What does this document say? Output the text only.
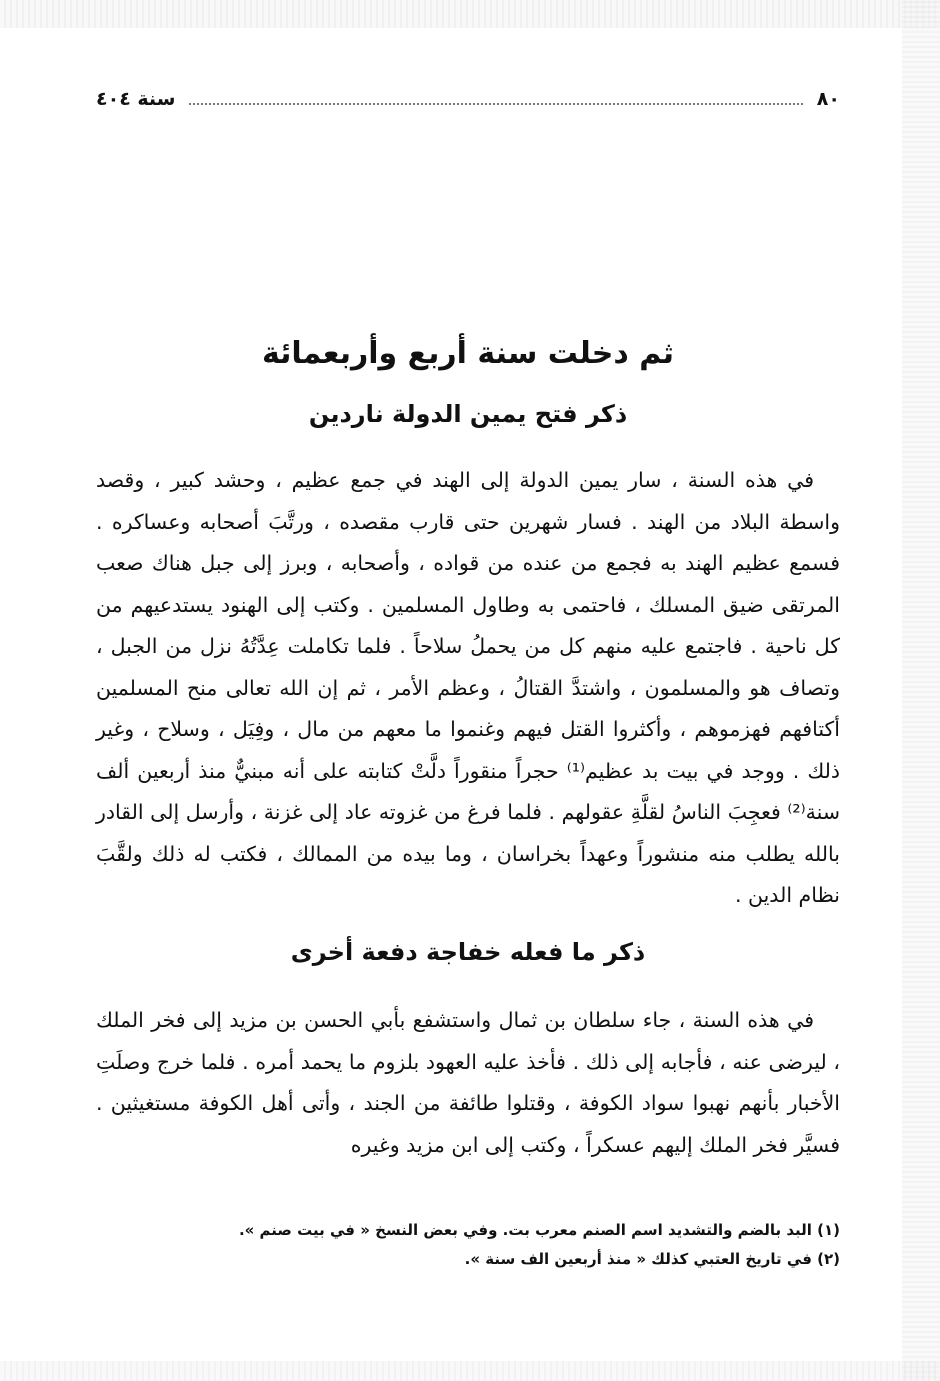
٨٠
سنة ٤٠٤
ثم دخلت سنة أربع وأربعمائة
ذكر فتح يمين الدولة ناردين

في هذه السنة ، سار يمين الدولة إلى الهند في جمع عظيم ، وحشد كبير ، وقصد واسطة البلاد من الهند . فسار شهرين حتى قارب مقصده ، ورتَّبَ أصحابه وعساكره . فسمع عظيم الهند به فجمع من عنده من قواده ، وأصحابه ، وبرز إلى جبل هناك صعب المرتقى ضيق المسلك ، فاحتمى به وطاول المسلمين . وكتب إلى الهنود يستدعيهم من كل ناحية . فاجتمع عليه منهم كل من يحملُ سلاحاً . فلما تكاملت عِدَّتُهُ نزل من الجبل ، وتصاف هو والمسلمون ، واشتدَّ القتالُ ، وعظم الأمر ، ثم إن الله تعالى منح المسلمين أكتافهم فهزموهم ، وأكثروا القتل فيهم وغنموا ما معهم من مال ، وفِيَل ، وسلاح ، وغير ذلك . ووجد في بيت بد عظيم⁽¹⁾ حجراً منقوراً دلَّتْ كتابته على أنه مبنيٌّ منذ أربعين ألف سنة⁽²⁾ فعجِبَ الناسُ لقلَّةِ عقولهم . فلما فرغ من غزوته عاد إلى غزنة ، وأرسل إلى القادر بالله يطلب منه منشوراً وعهداً بخراسان ، وما بيده من الممالك ، فكتب له ذلك ولقَّبَ نظام الدين .

ذكر ما فعله خفاجة دفعة أخرى

في هذه السنة ، جاء سلطان بن ثمال واستشفع بأبي الحسن بن مزيد إلى فخر الملك ، ليرضى عنه ، فأجابه إلى ذلك . فأخذ عليه العهود بلزوم ما يحمد أمره . فلما خرج وصلَتِ الأخبار بأنهم نهبوا سواد الكوفة ، وقتلوا طائفة من الجند ، وأتى أهل الكوفة مستغيثين . فسيَّر فخر الملك إليهم عسكراً ، وكتب إلى ابن مزيد وغيره

(١) البد بالضم والتشديد اسم الصنم معرب بت. وفي بعض النسخ « في بيت صنم ».
(٢) في تاريخ العتبي كذلك « منذ أربعين الف سنة ».
